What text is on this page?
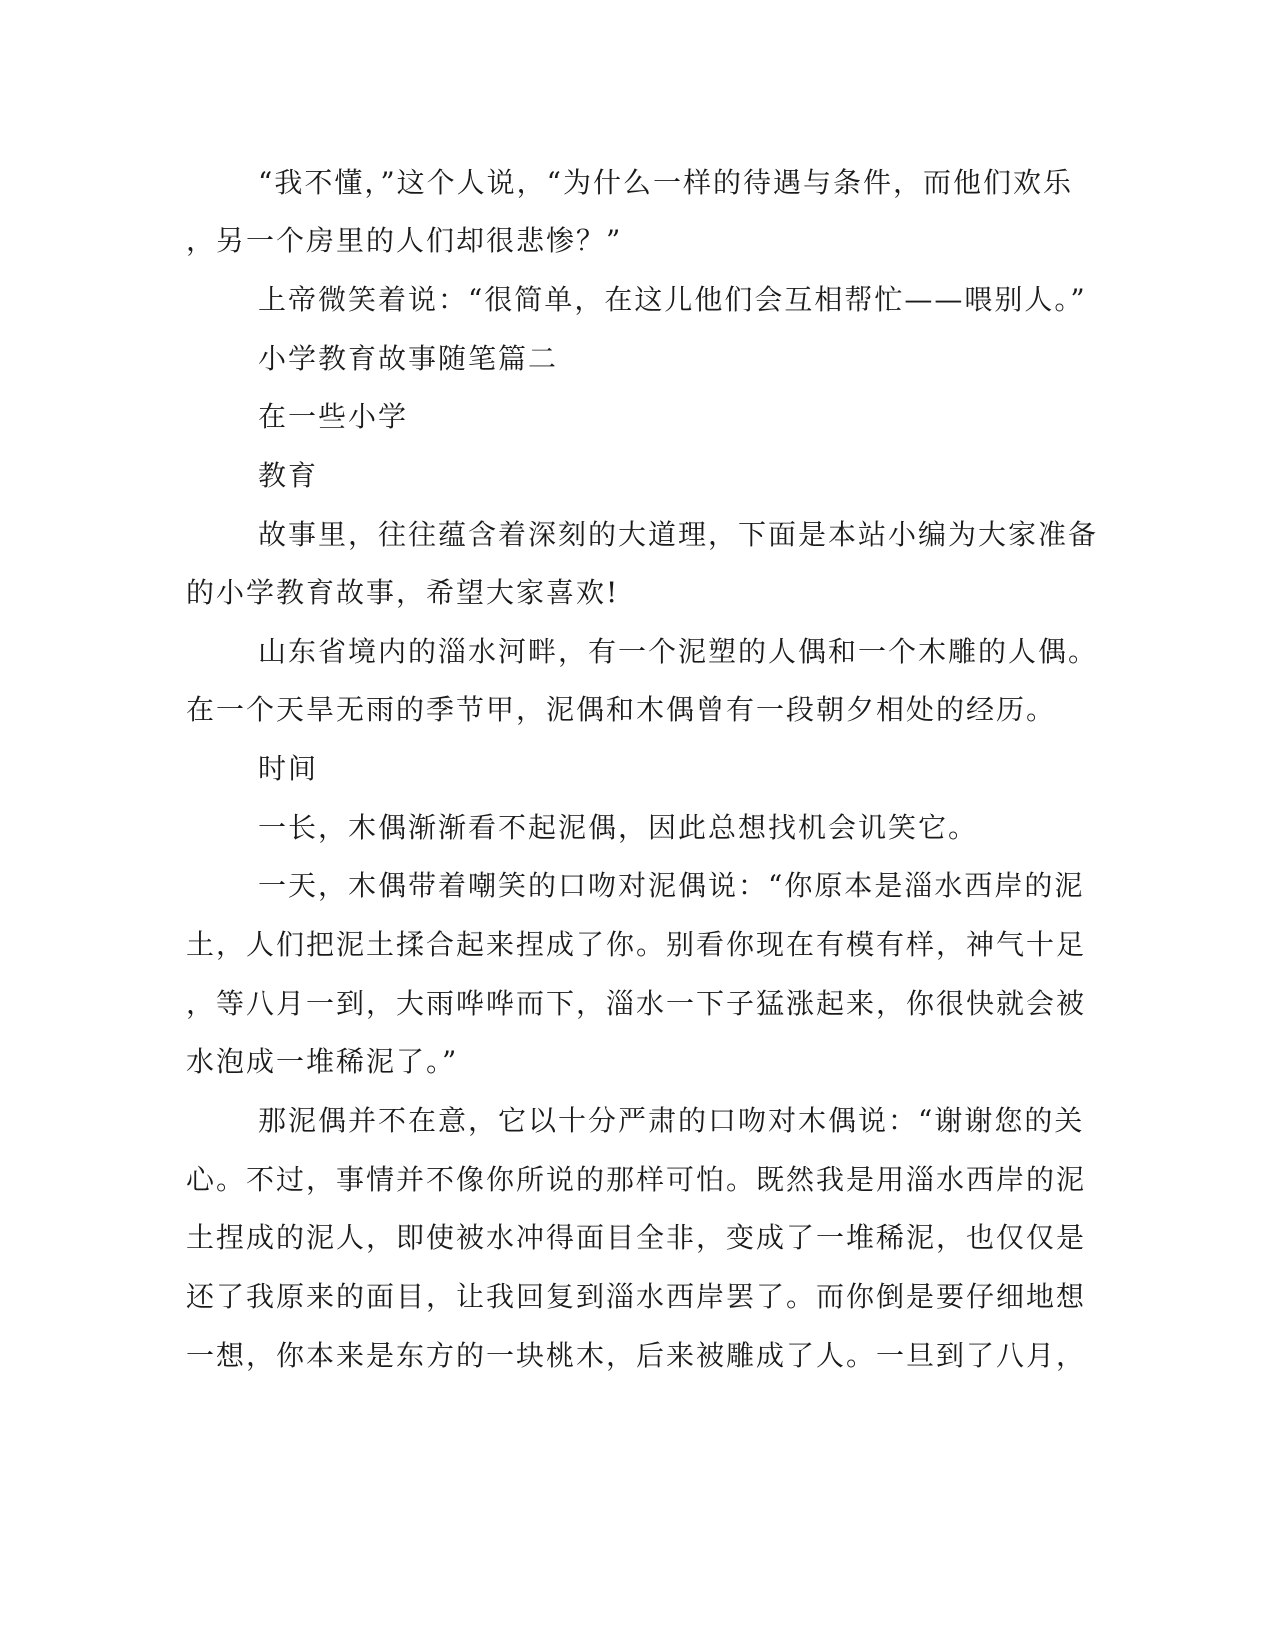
“我不懂，”这个人说，“为什么一样的待遇与条件，而他们欢乐
，另一个房里的人们却很悲惨？”
上帝微笑着说：“很简单，在这儿他们会互相帮忙——喂别人。”
小学教育故事随笔篇二
在一些小学
教育
故事里，往往蕴含着深刻的大道理，下面是本站小编为大家准备
的小学教育故事，希望大家喜欢!
山东省境内的淄水河畔，有一个泥塑的人偶和一个木雕的人偶。
在一个天旱无雨的季节甲，泥偶和木偶曾有一段朝夕相处的经历。
时间
一长，木偶渐渐看不起泥偶，因此总想找机会讥笑它。
一天，木偶带着嘲笑的口吻对泥偶说：“你原本是淄水西岸的泥
土，人们把泥土揉合起来捏成了你。别看你现在有模有样，神气十足
，等八月一到，大雨哗哗而下，淄水一下子猛涨起来，你很快就会被
水泡成一堆稀泥了。”
那泥偶并不在意，它以十分严肃的口吻对木偶说：“谢谢您的关
心。不过，事情并不像你所说的那样可怕。既然我是用淄水西岸的泥
土捏成的泥人，即使被水冲得面目全非，变成了一堆稀泥，也仅仅是
还了我原来的面目，让我回复到淄水西岸罢了。而你倒是要仔细地想
一想，你本来是东方的一块桃木，后来被雕成了人。一旦到了八月，
